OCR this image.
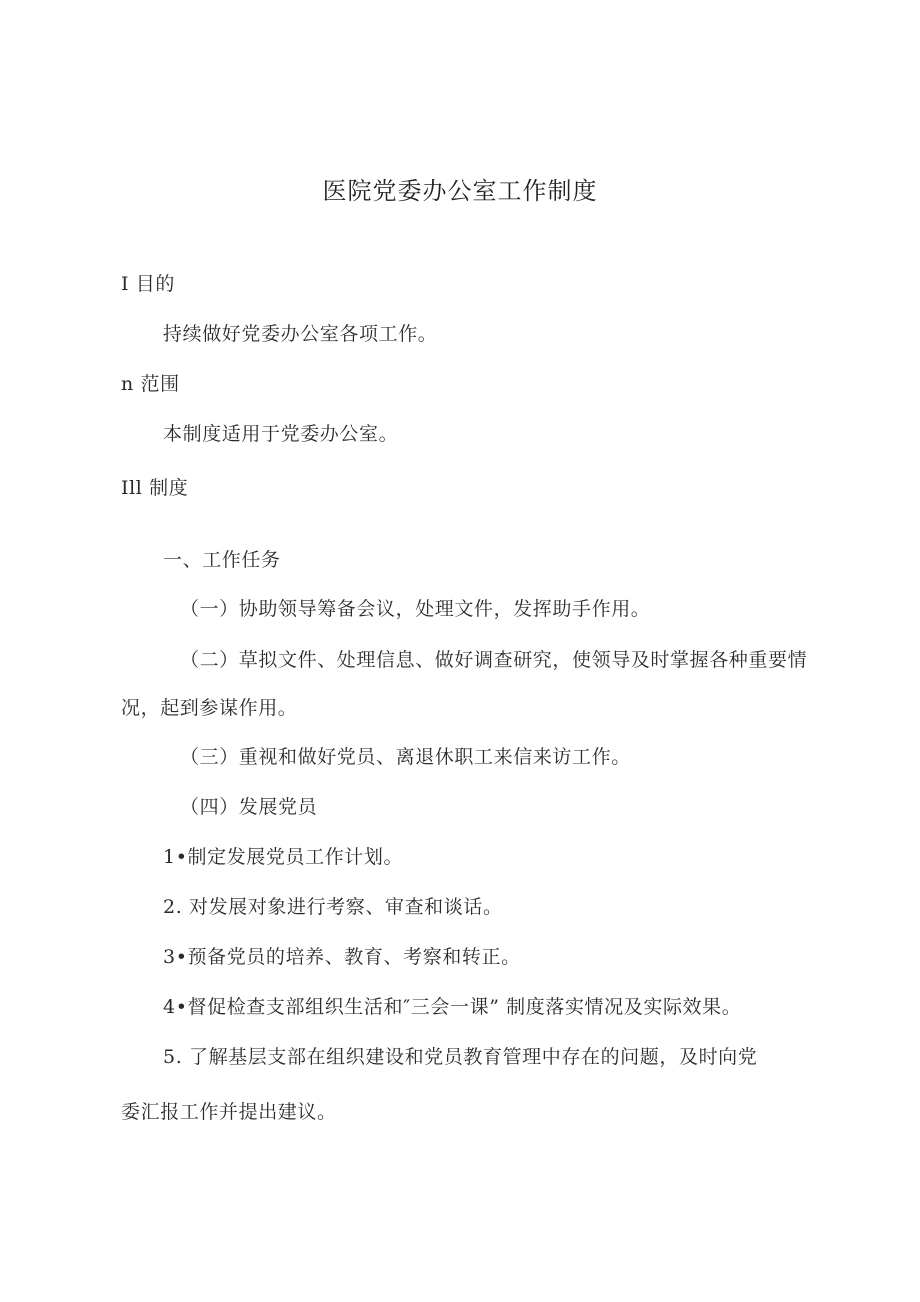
医院党委办公室工作制度
I 目的
持续做好党委办公室各项工作。
n 范围
本制度适用于党委办公室。
Ill 制度
一、工作任务
（一）协助领导筹备会议，处理文件，发挥助手作用。
（二）草拟文件、处理信息、做好调查研究，使领导及时掌握各种重要情
况，起到参谋作用。
（三）重视和做好党员、离退休职工来信来访工作。
（四）发展党员
1•制定发展党员工作计划。
2. 对发展对象进行考察、审查和谈话。
3•预备党员的培养、教育、考察和转正。
4•督促检查支部组织生活和″三会一课” 制度落实情况及实际效果。
5. 了解基层支部在组织建设和党员教育管理中存在的问题，及时向党
委汇报工作并提出建议。
